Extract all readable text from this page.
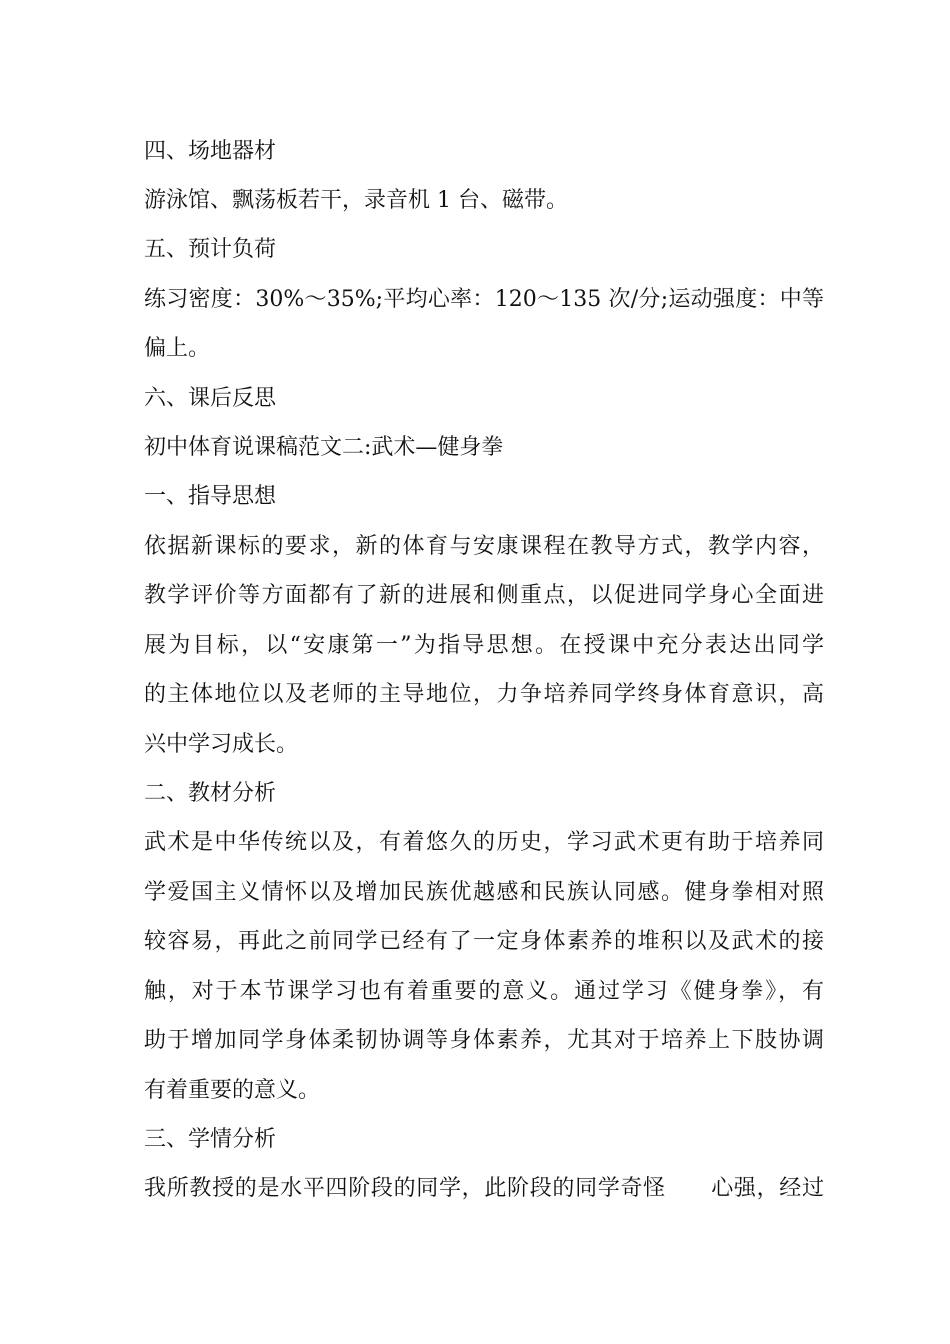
四、场地器材
游泳馆、飘荡板若干，录音机 1 台、磁带。
五、预计负荷
练习密度：30%～35%;平均心率：120～135 次/分;运动强度：中等
偏上。
六、课后反思
初中体育说课稿范文二:武术—健身拳
一、指导思想
依据新课标的要求，新的体育与安康课程在教导方式，教学内容，
教学评价等方面都有了新的进展和侧重点，以促进同学身心全面进
展为目标，以“安康第一”为指导思想。在授课中充分表达出同学
的主体地位以及老师的主导地位，力争培养同学终身体育意识，高
兴中学习成长。
二、教材分析
武术是中华传统以及，有着悠久的历史，学习武术更有助于培养同
学爱国主义情怀以及增加民族优越感和民族认同感。健身拳相对照
较容易，再此之前同学已经有了一定身体素养的堆积以及武术的接
触，对于本节课学习也有着重要的意义。通过学习《健身拳》，有
助于增加同学身体柔韧协调等身体素养，尤其对于培养上下肢协调
有着重要的意义。
三、学情分析
我所教授的是水平四阶段的同学，此阶段的同学奇怪　　心强，经过
